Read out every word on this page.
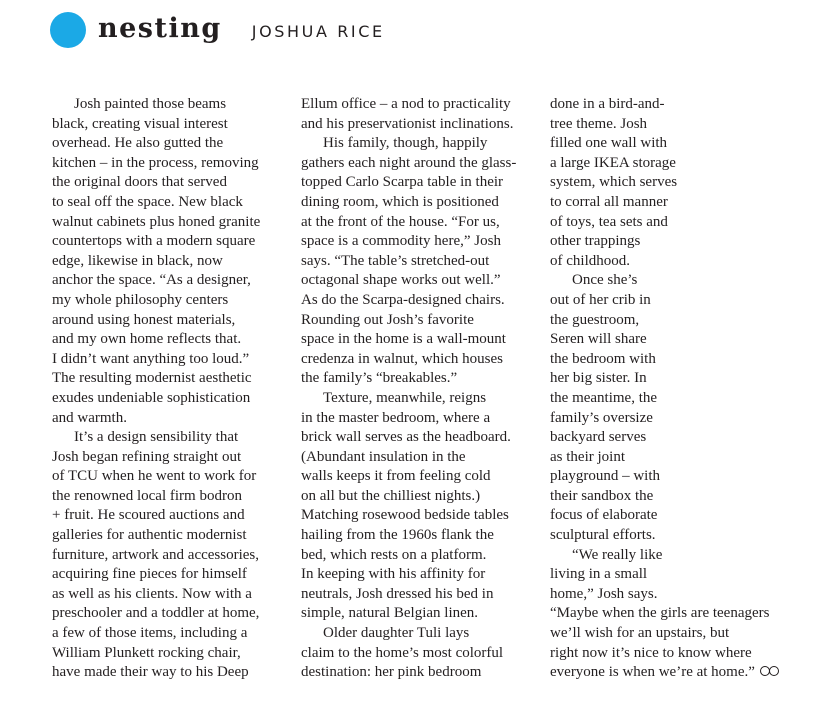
nesting JOSHUA RICE
Josh painted those beams
black, creating visual interest
overhead. He also gutted the
kitchen – in the process, removing
the original doors that served
to seal off the space. New black
walnut cabinets plus honed granite
countertops with a modern square
edge, likewise in black, now
anchor the space. “As a designer,
my whole philosophy centers
around using honest materials,
and my own home reflects that.
I didn’t want anything too loud.”
The resulting modernist aesthetic
exudes undeniable sophistication
and warmth.
It’s a design sensibility that
Josh began refining straight out
of TCU when he went to work for
the renowned local firm bodron
+ fruit. He scoured auctions and
galleries for authentic modernist
furniture, artwork and accessories,
acquiring fine pieces for himself
as well as his clients. Now with a
preschooler and a toddler at home,
a few of those items, including a
William Plunkett rocking chair,
have made their way to his Deep
Ellum office – a nod to practicality
and his preservationist inclinations.
His family, though, happily
gathers each night around the glass-
topped Carlo Scarpa table in their
dining room, which is positioned
at the front of the house. “For us,
space is a commodity here,” Josh
says. “The table’s stretched-out
octagonal shape works out well.”
As do the Scarpa-designed chairs.
Rounding out Josh’s favorite
space in the home is a wall-mount
credenza in walnut, which houses
the family’s “breakables.”
Texture, meanwhile, reigns
in the master bedroom, where a
brick wall serves as the headboard.
(Abundant insulation in the
walls keeps it from feeling cold
on all but the chilliest nights.)
Matching rosewood bedside tables
hailing from the 1960s flank the
bed, which rests on a platform.
In keeping with his affinity for
neutrals, Josh dressed his bed in
simple, natural Belgian linen.
Older daughter Tuli lays
claim to the home’s most colorful
destination: her pink bedroom
done in a bird-and-
tree theme. Josh
filled one wall with
a large IKEA storage
system, which serves
to corral all manner
of toys, tea sets and
other trappings
of childhood.
Once she’s
out of her crib in
the guestroom,
Seren will share
the bedroom with
her big sister. In
the meantime, the
family’s oversize
backyard serves
as their joint
playground – with
their sandbox the
focus of elaborate
sculptural efforts.
“We really like
living in a small
home,” Josh says.
“Maybe when the girls are teenagers
we’ll wish for an upstairs, but
right now it’s nice to know where
everyone is when we’re at home.”
